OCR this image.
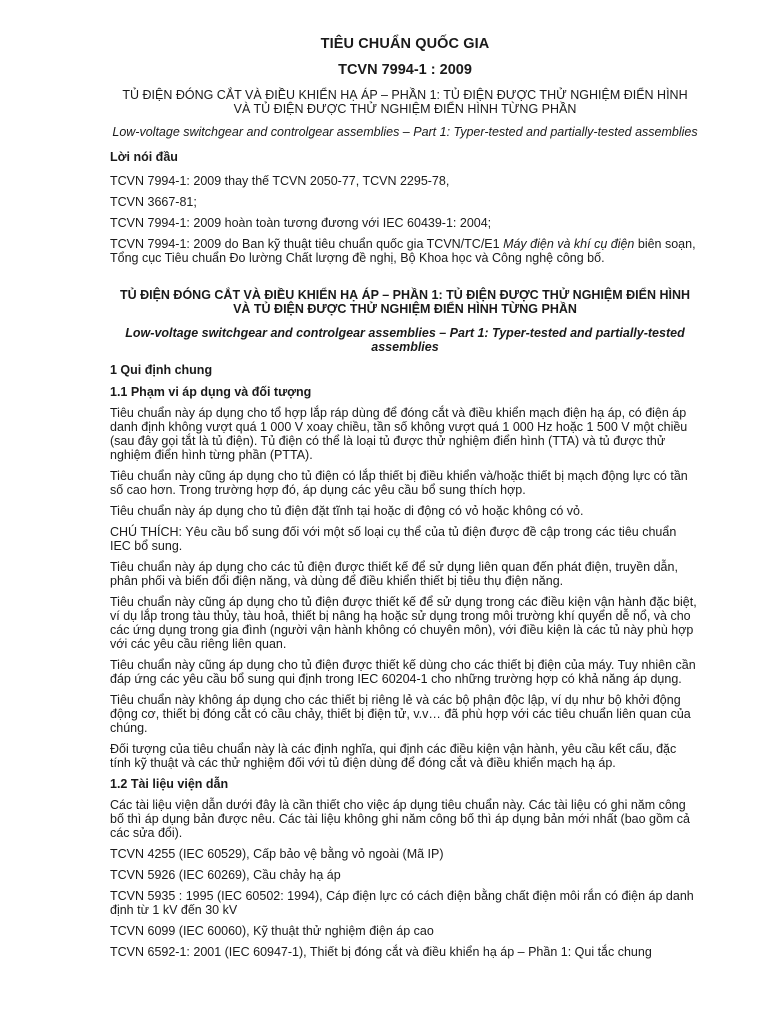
TIÊU CHUẨN QUỐC GIA
TCVN 7994-1 : 2009
TỦ ĐIỆN ĐÓNG CẮT VÀ ĐIỀU KHIỂN HẠ ÁP – PHẦN 1: TỦ ĐIỆN ĐƯỢC THỬ NGHIỆM ĐIỂN HÌNH VÀ TỦ ĐIỆN ĐƯỢC THỬ NGHIỆM ĐIỂN HÌNH TỪNG PHẦN
Low-voltage switchgear and controlgear assemblies – Part 1: Typer-tested and partially-tested assemblies
Lời nói đầu

TCVN 7994-1: 2009 thay thế TCVN 2050-77, TCVN 2295-78,

TCVN 3667-81;

TCVN 7994-1: 2009 hoàn toàn tương đương với IEC 60439-1: 2004;

TCVN 7994-1: 2009 do Ban kỹ thuật tiêu chuẩn quốc gia TCVN/TC/E1 Máy điện và khí cụ điện biên soạn, Tổng cục Tiêu chuẩn Đo lường Chất lượng đề nghị, Bộ Khoa học và Công nghệ công bố.

TỦ ĐIỆN ĐÓNG CẮT VÀ ĐIỀU KHIỂN HẠ ÁP – PHẦN 1: TỦ ĐIỆN ĐƯỢC THỬ NGHIỆM ĐIỂN HÌNH VÀ TỦ ĐIỆN ĐƯỢC THỬ NGHIỆM ĐIỂN HÌNH TỪNG PHẦN
Low-voltage switchgear and controlgear assemblies – Part 1: Typer-tested and partially-tested assemblies
1 Qui định chung
1.1 Phạm vi áp dụng và đối tượng

Tiêu chuẩn này áp dụng cho tổ hợp lắp ráp dùng để đóng cắt và điều khiển mạch điện hạ áp, có điện áp danh định không vượt quá 1 000 V xoay chiều, tần số không vượt quá 1 000 Hz hoặc 1 500 V một chiều (sau đây gọi tắt là tủ điện). Tủ điện có thể là loại tủ được thử nghiệm điển hình (TTA) và tủ được thử nghiệm điển hình từng phần (PTTA).

Tiêu chuẩn này cũng áp dụng cho tủ điện có lắp thiết bị điều khiển và/hoặc thiết bị mạch động lực có tần số cao hơn. Trong trường hợp đó, áp dụng các yêu cầu bổ sung thích hợp.

Tiêu chuẩn này áp dụng cho tủ điện đặt tĩnh tại hoặc di động có vỏ hoặc không có vỏ.

CHÚ THÍCH: Yêu cầu bổ sung đối với một số loại cụ thể của tủ điện được đề cập trong các tiêu chuẩn IEC bổ sung.

Tiêu chuẩn này áp dụng cho các tủ điện được thiết kế để sử dụng liên quan đến phát điện, truyền dẫn, phân phối và biến đổi điện năng, và dùng để điều khiển thiết bị tiêu thụ điện năng.

Tiêu chuẩn này cũng áp dụng cho tủ điện được thiết kế để sử dụng trong các điều kiện vận hành đặc biệt, ví dụ lắp trong tàu thủy, tàu hoả, thiết bị nâng hạ hoặc sử dụng trong môi trường khí quyển dễ nổ, và cho các ứng dụng trong gia đình (người vận hành không có chuyên môn), với điều kiện là các tủ này phù hợp với các yêu cầu riêng liên quan.

Tiêu chuẩn này cũng áp dụng cho tủ điện được thiết kế dùng cho các thiết bị điện của máy. Tuy nhiên cần đáp ứng các yêu cầu bổ sung qui định trong IEC 60204-1 cho những trường hợp có khả năng áp dụng.

Tiêu chuẩn này không áp dụng cho các thiết bị riêng lẻ và các bộ phận độc lập, ví dụ như bộ khởi động động cơ, thiết bị đóng cắt có cầu chảy, thiết bị điện tử, v.v… đã phù hợp với các tiêu chuẩn liên quan của chúng.

Đối tượng của tiêu chuẩn này là các định nghĩa, qui định các điều kiện vận hành, yêu cầu kết cấu, đặc tính kỹ thuật và các thử nghiệm đối với tủ điện dùng để đóng cắt và điều khiển mạch hạ áp.

1.2 Tài liệu viện dẫn

Các tài liệu viện dẫn dưới đây là cần thiết cho việc áp dụng tiêu chuẩn này. Các tài liệu có ghi năm công bố thì áp dụng bản được nêu. Các tài liệu không ghi năm công bố thì áp dụng bản mới nhất (bao gồm cả các sửa đổi).

TCVN 4255 (IEC 60529), Cấp bảo vệ bằng vỏ ngoài (Mã IP)

TCVN 5926 (IEC 60269), Cầu chảy hạ áp

TCVN 5935 : 1995 (IEC 60502: 1994), Cáp điện lực có cách điện bằng chất điện môi rắn có điện áp danh định từ 1 kV đến 30 kV

TCVN 6099 (IEC 60060), Kỹ thuật thử nghiệm điện áp cao

TCVN 6592-1: 2001 (IEC 60947-1), Thiết bị đóng cắt và điều khiển hạ áp – Phần 1: Qui tắc chung
